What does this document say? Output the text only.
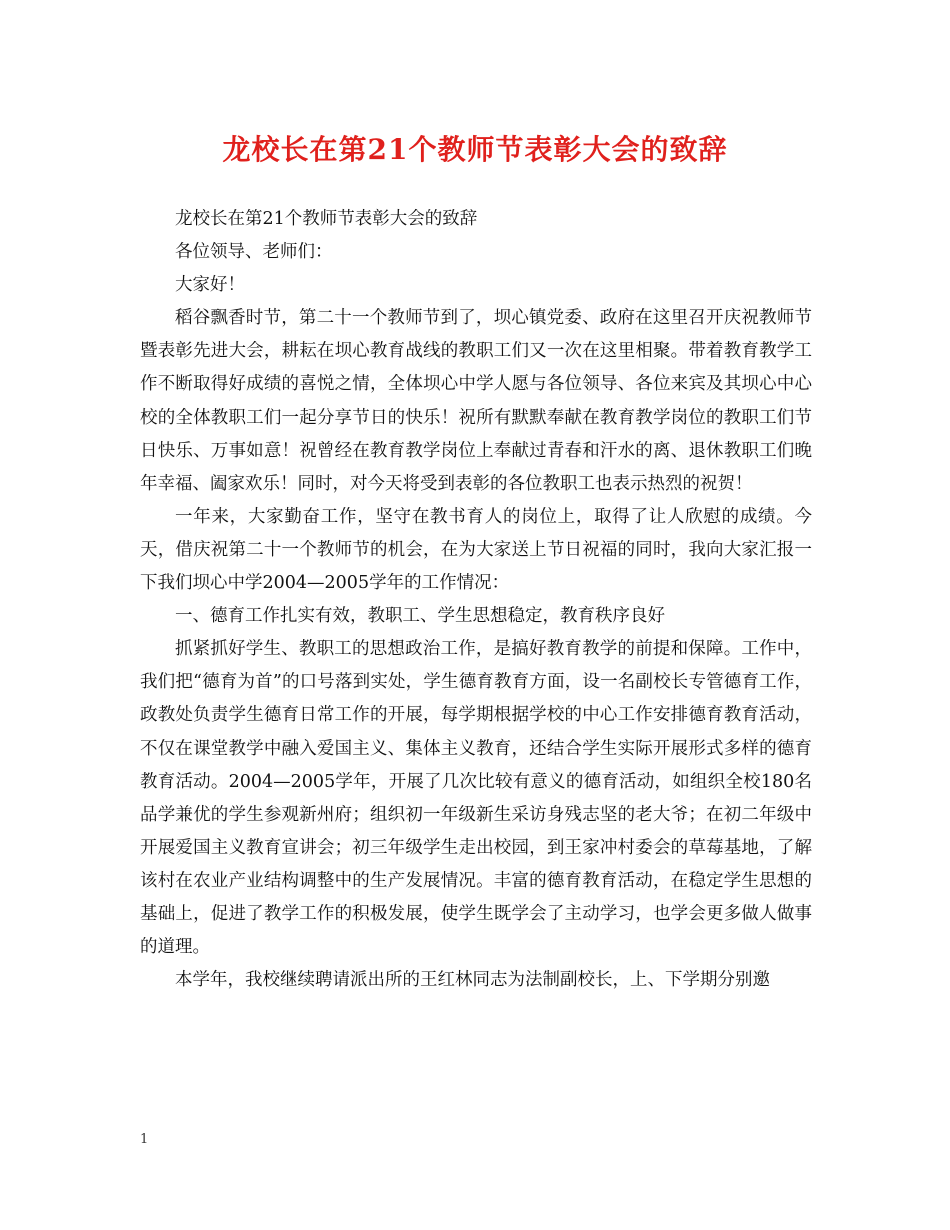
龙校长在第21个教师节表彰大会的致辞

龙校长在第21个教师节表彰大会的致辞

各位领导、老师们：

大家好！

稻谷飘香时节，第二十一个教师节到了，坝心镇党委、政府在这里召开庆祝教师节暨表彰先进大会，耕耘在坝心教育战线的教职工们又一次在这里相聚。带着教育教学工作不断取得好成绩的喜悦之情，全体坝心中学人愿与各位领导、各位来宾及其坝心中心校的全体教职工们一起分享节日的快乐！祝所有默默奉献在教育教学岗位的教职工们节日快乐、万事如意！祝曾经在教育教学岗位上奉献过青春和汗水的离、退休教职工们晚年幸福、阖家欢乐！同时，对今天将受到表彰的各位教职工也表示热烈的祝贺！

一年来，大家勤奋工作，坚守在教书育人的岗位上，取得了让人欣慰的成绩。今天，借庆祝第二十一个教师节的机会，在为大家送上节日祝福的同时，我向大家汇报一下我们坝心中学2004—2005学年的工作情况：

一、德育工作扎实有效，教职工、学生思想稳定，教育秩序良好

抓紧抓好学生、教职工的思想政治工作，是搞好教育教学的前提和保障。工作中，我们把“德育为首”的口号落到实处，学生德育教育方面，设一名副校长专管德育工作，政教处负责学生德育日常工作的开展，每学期根据学校的中心工作安排德育教育活动，不仅在课堂教学中融入爱国主义、集体主义教育，还结合学生实际开展形式多样的德育教育活动。2004—2005学年，开展了几次比较有意义的德育活动，如组织全校180名品学兼优的学生参观新州府；组织初一年级新生采访身残志坚的老大爷；在初二年级中开展爱国主义教育宣讲会；初三年级学生走出校园，到王家冲村委会的草莓基地，了解该村在农业产业结构调整中的生产发展情况。丰富的德育教育活动，在稳定学生思想的基础上，促进了教学工作的积极发展，使学生既学会了主动学习，也学会更多做人做事的道理。

本学年，我校继续聘请派出所的王红林同志为法制副校长，上、下学期分别邀

1
